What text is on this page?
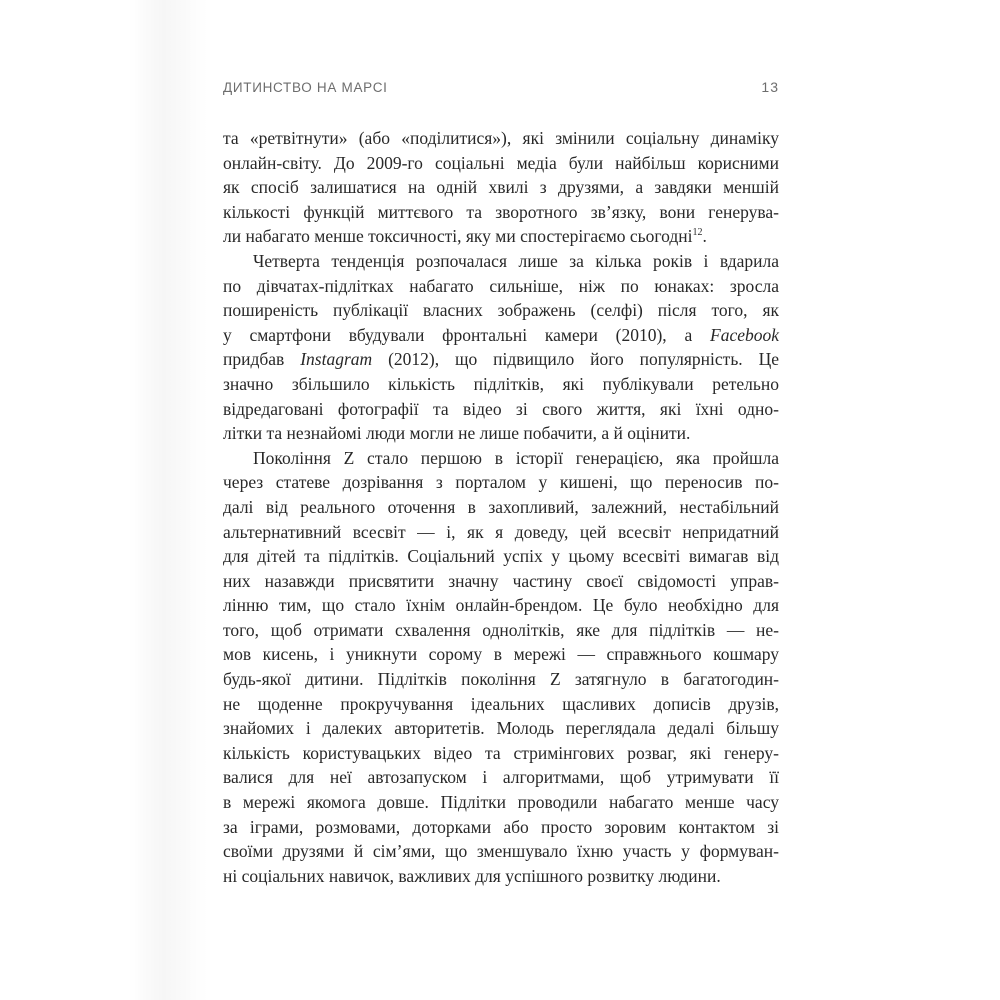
ДИТИНСТВО НА МАРСІ	13
та «ретвітнути» (або «поділитися»), які змінили соціальну динаміку
онлайн-світу. До 2009-го соціальні медіа були найбільш корисними
як спосіб залишатися на одній хвилі з друзями, а завдяки меншій
кількості функцій миттєвого та зворотного зв’язку, вони генерува-
ли набагато менше токсичності, яку ми спостерігаємо сьогодні$^{12}$.
Четверта тенденція розпочалася лише за кілька років і вдарила
по дівчатах-підлітках набагато сильніше, ніж по юнаках: зросла
поширеність публікації власних зображень (селфі) після того, як
у смартфони вбудували фронтальні камери (2010), а Facebook
придбав Instagram (2012), що підвищило його популярність. Це
значно збільшило кількість підлітків, які публікували ретельно
відредаговані фотографії та відео зі свого життя, які їхні одно-
літки та незнайомі люди могли не лише побачити, а й оцінити.
Покоління Z стало першою в історії генерацією, яка пройшла
через статеве дозрівання з порталом у кишені, що переносив по-
далі від реального оточення в захопливий, залежний, нестабільний
альтернативний всесвіт — і, як я доведу, цей всесвіт непридатний
для дітей та підлітків. Соціальний успіх у цьому всесвіті вимагав від
них назавжди присвятити значну частину своєї свідомості управ-
лінню тим, що стало їхнім онлайн-брендом. Це було необхідно для
того, щоб отримати схвалення однолітків, яке для підлітків — не-
мов кисень, і уникнути сорому в мережі — справжнього кошмару
будь-якої дитини. Підлітків покоління Z затягнуло в багатогодин-
не щоденне прокручування ідеальних щасливих дописів друзів,
знайомих і далеких авторитетів. Молодь переглядала дедалі більшу
кількість користувацьких відео та стримінгових розваг, які генеру-
валися для неї автозапуском і алгоритмами, щоб утримувати її
в мережі якомога довше. Підлітки проводили набагато менше часу
за іграми, розмовами, доторками або просто зоровим контактом зі
своїми друзями й сім’ями, що зменшувало їхню участь у формуван-
ні соціальних навичок, важливих для успішного розвитку людини.
